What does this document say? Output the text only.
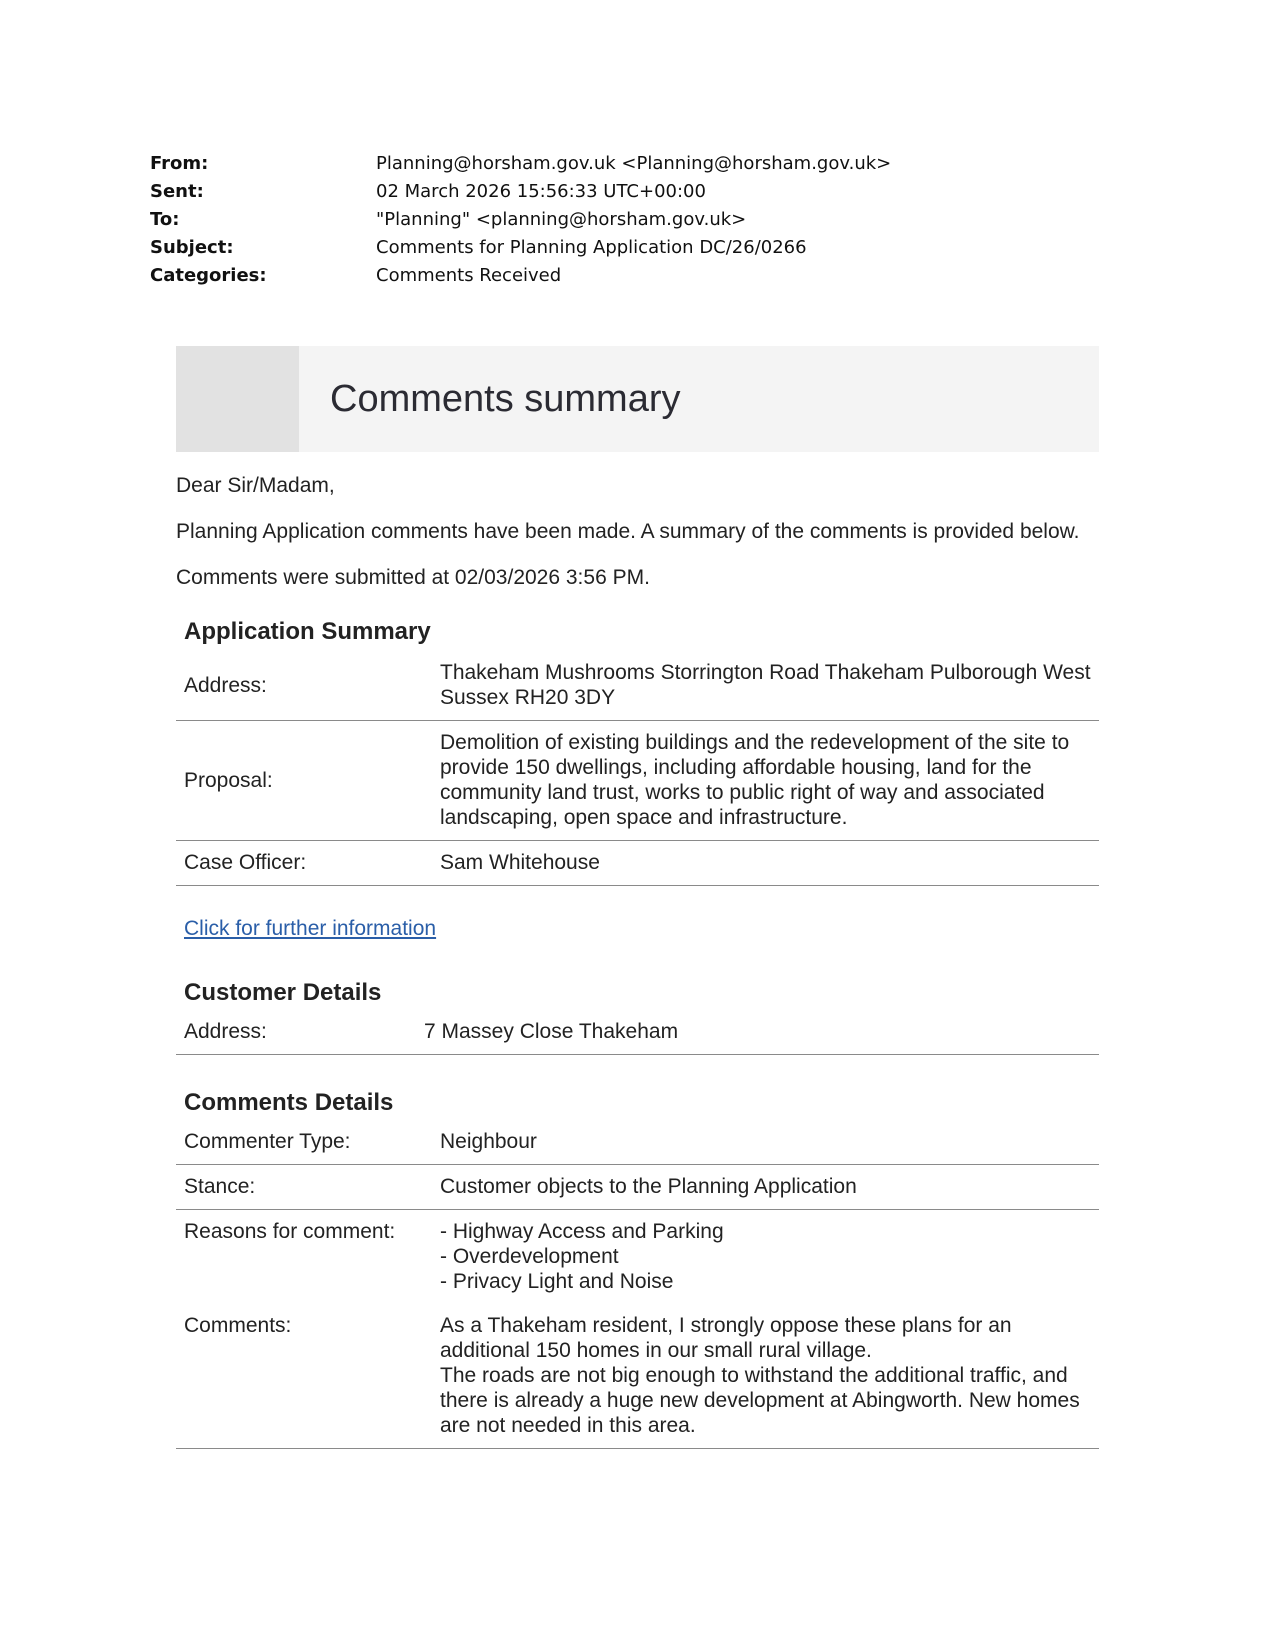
From:	Planning@horsham.gov.uk <Planning@horsham.gov.uk>
Sent:	02 March 2026 15:56:33 UTC+00:00
To:	"Planning" <planning@horsham.gov.uk>
Subject:	Comments for Planning Application DC/26/0266
Categories:	Comments Received
Comments summary

Dear Sir/Madam,

Planning Application comments have been made. A summary of the comments is provided below.

Comments were submitted at 02/03/2026 3:56 PM.

Application Summary
Address:	Thakeham Mushrooms Storrington Road Thakeham Pulborough West Sussex RH20 3DY
Proposal:	Demolition of existing buildings and the redevelopment of the site to provide 150 dwellings, including affordable housing, land for the community land trust, works to public right of way and associated landscaping, open space and infrastructure.
Case Officer:	Sam Whitehouse
Click for further information
Customer Details
Address:	7 Massey Close Thakeham
Comments Details
Commenter Type:	Neighbour
Stance:	Customer objects to the Planning Application
Reasons for comment:	- Highway Access and Parking
- Overdevelopment
- Privacy Light and Noise

Comments:	As a Thakeham resident, I strongly oppose these plans for an additional 150 homes in our small rural village.
The roads are not big enough to withstand the additional traffic, and there is already a huge new development at Abingworth. New homes are not needed in this area.
